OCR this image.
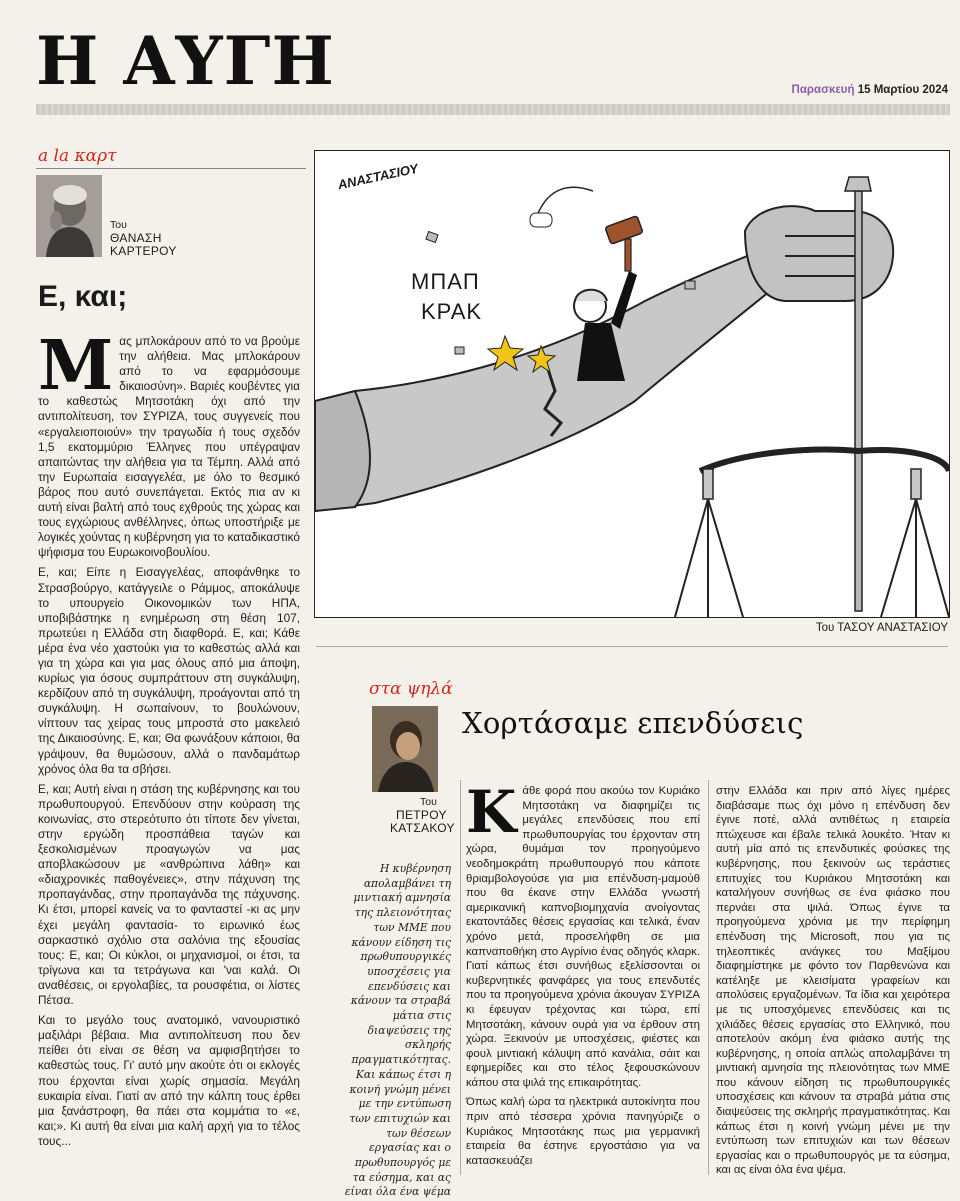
Η ΑΥΓΗ	Παρασκευή 15 Μαρτίου 2024
a la καρτ
Του
ΘΑΝΑΣΗ
ΚΑΡΤΕΡΟΥ
Ε, και;

Μας μπλοκάρουν από το να βρούμε την αλήθεια. Μας μπλοκάρουν από το να εφαρμόσουμε δικαιοσύνη». Βαριές κουβέντες για το καθεστώς Μητσοτάκη όχι από την αντιπολίτευση, τον ΣΥΡΙΖΑ, τους συγγενείς που «εργαλειοποιούν» την τραγωδία ή τους σχεδόν 1,5 εκατομμύριο Έλληνες που υπέγραψαν απαιτώντας την αλήθεια για τα Τέμπη. Αλλά από την Ευρωπαία εισαγγελέα, με όλο το θεσμικό βάρος που αυτό συνεπάγεται. Εκτός πια αν κι αυτή είναι βαλτή από τους εχθρούς της χώρας και τους εγχώριους ανθέλληνες, όπως υποστήριξε με λογικές χούντας η κυβέρνηση για το καταδικαστικό ψήφισμα του Ευρωκοινοβουλίου.

Ε, και; Είπε η Εισαγγελέας, αποφάνθηκε το Στρασβούργο, κατάγγειλε ο Ράμμος, αποκάλυψε το υπουργείο Οικονομικών των ΗΠΑ, υποβιβάστηκε η ενημέρωση στη θέση 107, πρωτεύει η Ελλάδα στη διαφθορά. Ε, και; Κάθε μέρα ένα νέο χαστούκι για το καθεστώς αλλά και για τη χώρα και για μας όλους από μια άποψη, κυρίως για όσους συμπράττουν στη συγκάλυψη, κερδίζουν από τη συγκάλυψη, προάγονται από τη συγκάλυψη. Η σωπαίνουν, το βουλώνουν, νίπτουν τας χείρας τους μπροστά στο μακελειό της Δικαιοσύνης. Ε, και; Θα φωνάξουν κάποιοι, θα γράψουν, θα θυμώσουν, αλλά ο πανδαμάτωρ χρόνος όλα θα τα σβήσει.

Ε, και; Αυτή είναι η στάση της κυβέρνησης και του πρωθυπουργού. Επενδύουν στην κούραση της κοινωνίας, στο στερεότυπο ότι τίποτε δεν γίνεται, στην εργώδη προσπάθεια ταγών και ξεσκολισμένων προαγωγών να μας αποβλακώσουν με «ανθρώπινα λάθη» και «διαχρονικές παθογένειες», στην πάχυνση της προπαγάνδας, στην προπαγάνδα της πάχυνσης. Κι έτσι, μπορεί κανείς να το φανταστεί -κι ας μην έχει μεγάλη φαντασία- το ειρωνικό έως σαρκαστικό σχόλιο στα σαλόνια της εξουσίας τους: Ε, και; Οι κύκλοι, οι μηχανισμοί, οι έτσι, τα τρίγωνα και τα τετράγωνα και 'ναι καλά. Οι αναθέσεις, οι εργολαβίες, τα ρουσφέτια, οι λίστες Πέτσα.

Και το μεγάλο τους ανατομικό, νανουριστικό μαξιλάρι βέβαια. Μια αντιπολίτευση που δεν πείθει ότι είναι σε θέση να αμφισβητήσει το καθεστώς τους. Γι' αυτό μην ακούτε ότι οι εκλογές που έρχονται είναι χωρίς σημασία. Μεγάλη ευκαιρία είναι. Γιατί αν από την κάλπη τους έρθει μια ξανάστροφη, θα πάει στα κομμάτια το «ε, και;». Κι αυτή θα είναι μια καλή αρχή για το τέλος τους...

ΑΝΑΣΤΑΣΙΟΥ
ΜΠΑΠ
ΚΡΑΚ
Του ΤΑΣΟΥ ΑΝΑΣΤΑΣΙΟΥ
στα ψηλά
Του
ΠΕΤΡΟΥ
ΚΑΤΣΑΚΟΥ
Χορτάσαμε επενδύσεις
Η κυβέρνηση απολαμβάνει τη μιντιακή αμνησία της πλειονότητας των ΜΜΕ που κάνουν είδηση τις πρωθυπουργικές υποσχέσεις για επενδύσεις και κάνουν τα στραβά μάτια στις διαψεύσεις της σκληρής πραγματικότητας. Και κάπως έτσι η κοινή γνώμη μένει με την εντύπωση των επιτυχιών και των θέσεων εργασίας και ο πρωθυπουργός με τα εύσημα, και ας είναι όλα ένα ψέμα

Κάθε φορά που ακούω τον Κυριάκο Μητσοτάκη να διαφημίζει τις μεγάλες επενδύσεις που επί πρωθυπουργίας του έρχονταν στη χώρα, θυμάμαι τον προηγούμενο νεοδημοκράτη πρωθυπουργό που κάποτε θριαμβολογούσε για μια επένδυση-μαμούθ που θα έκανε στην Ελλάδα γνωστή αμερικανική καπνοβιομηχανία ανοίγοντας εκατοντάδες θέσεις εργασίας και τελικά, έναν χρόνο μετά, προσελήφθη σε μια καπναποθήκη στο Αγρίνιο ένας οδηγός κλαρκ. Γιατί κάπως έτσι συνήθως εξελίσσονται οι κυβερνητικές φανφάρες για τους επενδυτές που τα προηγούμενα χρόνια άκουγαν ΣΥΡΙΖΑ κι έφευγαν τρέχοντας και τώρα, επί Μητσοτάκη, κάνουν ουρά για να έρθουν στη χώρα. Ξεκινούν με υποσχέσεις, φιέστες και φουλ μιντιακή κάλυψη από κανάλια, σάιτ και εφημερίδες και στο τέλος ξεφουσκώνουν κάπου στα ψιλά της επικαιρότητας.

Όπως καλή ώρα τα ηλεκτρικά αυτοκίνητα που πριν από τέσσερα χρόνια πανηγύριζε ο Κυριάκος Μητσοτάκης πως μια γερμανική εταιρεία θα έστηνε εργοστάσιο για να κατασκευάζει

στην Ελλάδα και πριν από λίγες ημέρες διαβάσαμε πως όχι μόνο η επένδυση δεν έγινε ποτέ, αλλά αντιθέτως η εταιρεία πτώχευσε και έβαλε τελικά λουκέτο. Ήταν κι αυτή μία από τις επενδυτικές φούσκες της κυβέρνησης, που ξεκινούν ως τεράστιες επιτυχίες του Κυριάκου Μητσοτάκη και καταλήγουν συνήθως σε ένα φιάσκο που περνάει στα ψιλά. Όπως έγινε τα προηγούμενα χρόνια με την περίφημη επένδυση της Microsoft, που για τις τηλεοπτικές ανάγκες του Μαξίμου διαφημίστηκε με φόντο τον Παρθενώνα και κατέληξε με κλεισίματα γραφείων και απολύσεις εργαζομένων. Τα ίδια και χειρότερα με τις υποσχόμενες επενδύσεις και τις χιλιάδες θέσεις εργασίας στο Ελληνικό, που αποτελούν ακόμη ένα φιάσκο αυτής της κυβέρνησης, η οποία απλώς απολαμβάνει τη μιντιακή αμνησία της πλειονότητας των ΜΜΕ που κάνουν είδηση τις πρωθυπουργικές υποσχέσεις και κάνουν τα στραβά μάτια στις διαψεύσεις της σκληρής πραγματικότητας. Και κάπως έτσι η κοινή γνώμη μένει με την εντύπωση των επιτυχιών και των θέσεων εργασίας και ο πρωθυπουργός με τα εύσημα, και ας είναι όλα ένα ψέμα.
